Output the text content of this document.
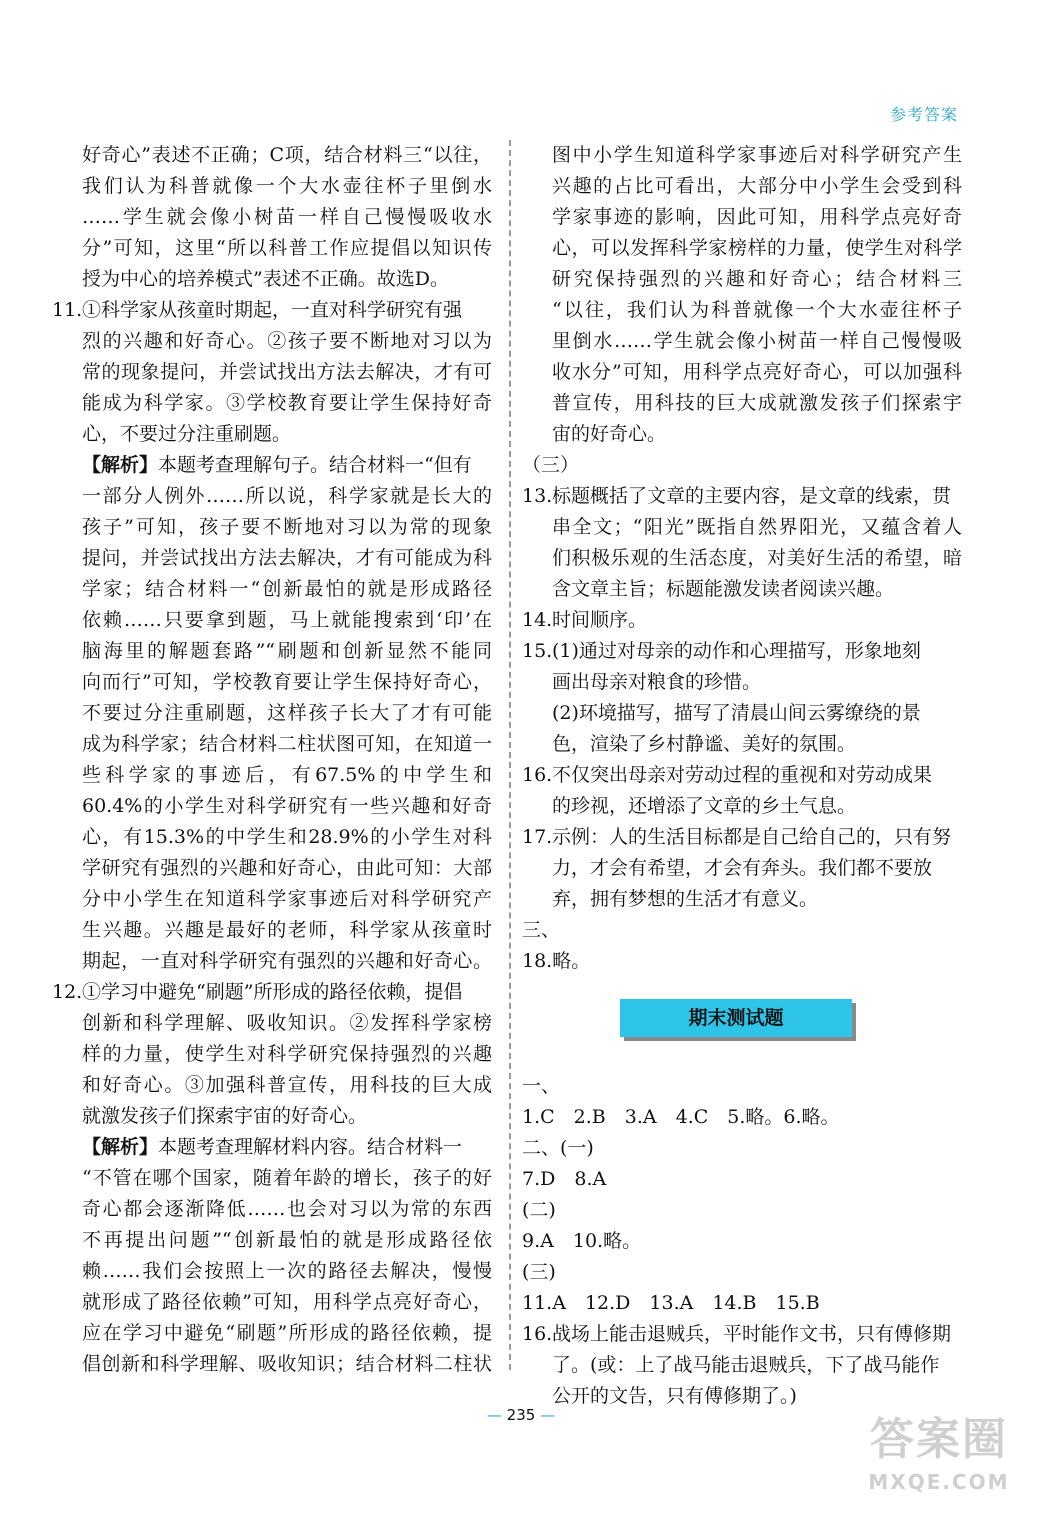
参考答案
好奇心”表述不正确；C项，结合材料三“以往，
我们认为科普就像一个大水壶往杯子里倒水
……学生就会像小树苗一样自己慢慢吸收水
分”可知，这里“所以科普工作应提倡以知识传
授为中心的培养模式”表述不正确。故选D。
11.①科学家从孩童时期起，一直对科学研究有强
烈的兴趣和好奇心。②孩子要不断地对习以为
常的现象提问，并尝试找出方法去解决，才有可
能成为科学家。③学校教育要让学生保持好奇
心，不要过分注重刷题。
【解析】本题考查理解句子。结合材料一“但有
一部分人例外……所以说，科学家就是长大的
孩子”可知，孩子要不断地对习以为常的现象
提问，并尝试找出方法去解决，才有可能成为科
学家；结合材料一“创新最怕的就是形成路径
依赖……只要拿到题，马上就能搜索到‘印’在
脑海里的解题套路”“刷题和创新显然不能同
向而行”可知，学校教育要让学生保持好奇心，
不要过分注重刷题，这样孩子长大了才有可能
成为科学家；结合材料二柱状图可知，在知道一
些科学家的事迹后，有67.5%的中学生和
60.4%的小学生对科学研究有一些兴趣和好奇
心，有15.3%的中学生和28.9%的小学生对科
学研究有强烈的兴趣和好奇心，由此可知：大部
分中小学生在知道科学家事迹后对科学研究产
生兴趣。兴趣是最好的老师，科学家从孩童时
期起，一直对科学研究有强烈的兴趣和好奇心。
12.①学习中避免“刷题”所形成的路径依赖，提倡
创新和科学理解、吸收知识。②发挥科学家榜
样的力量，使学生对科学研究保持强烈的兴趣
和好奇心。③加强科普宣传，用科技的巨大成
就激发孩子们探索宇宙的好奇心。
【解析】本题考查理解材料内容。结合材料一
“不管在哪个国家，随着年龄的增长，孩子的好
奇心都会逐渐降低……也会对习以为常的东西
不再提出问题”“创新最怕的就是形成路径依
赖……我们会按照上一次的路径去解决，慢慢
就形成了路径依赖”可知，用科学点亮好奇心，
应在学习中避免“刷题”所形成的路径依赖，提
倡创新和科学理解、吸收知识；结合材料二柱状
图中小学生知道科学家事迹后对科学研究产生
兴趣的占比可看出，大部分中小学生会受到科
学家事迹的影响，因此可知，用科学点亮好奇
心，可以发挥科学家榜样的力量，使学生对科学
研究保持强烈的兴趣和好奇心；结合材料三
“以往，我们认为科普就像一个大水壶往杯子
里倒水……学生就会像小树苗一样自己慢慢吸
收水分”可知，用科学点亮好奇心，可以加强科
普宣传，用科技的巨大成就激发孩子们探索宇
宙的好奇心。
（三）
13.标题概括了文章的主要内容，是文章的线索，贯
串全文；“阳光”既指自然界阳光，又蕴含着人
们积极乐观的生活态度，对美好生活的希望，暗
含文章主旨；标题能激发读者阅读兴趣。
14.时间顺序。
15.(1)通过对母亲的动作和心理描写，形象地刻
画出母亲对粮食的珍惜。
(2)环境描写，描写了清晨山间云雾缭绕的景
色，渲染了乡村静谧、美好的氛围。
16.不仅突出母亲对劳动过程的重视和对劳动成果
的珍视，还增添了文章的乡土气息。
17.示例：人的生活目标都是自己给自己的，只有努
力，才会有希望，才会有奔头。我们都不要放
弃，拥有梦想的生活才有意义。
三、
18.略。
期末测试题
一、
1.C　2.B　3.A　4.C　5.略。6.略。
二、(一)
7.D　8.A
(二)
9.A　10.略。
(三)
11.A　12.D　13.A　14.B　15.B
16.战场上能击退贼兵，平时能作文书，只有傅修期
了。(或：上了战马能击退贼兵，下了战马能作
公开的文告，只有傅修期了。)
— 235 —	答案圈
MXQE.COM
